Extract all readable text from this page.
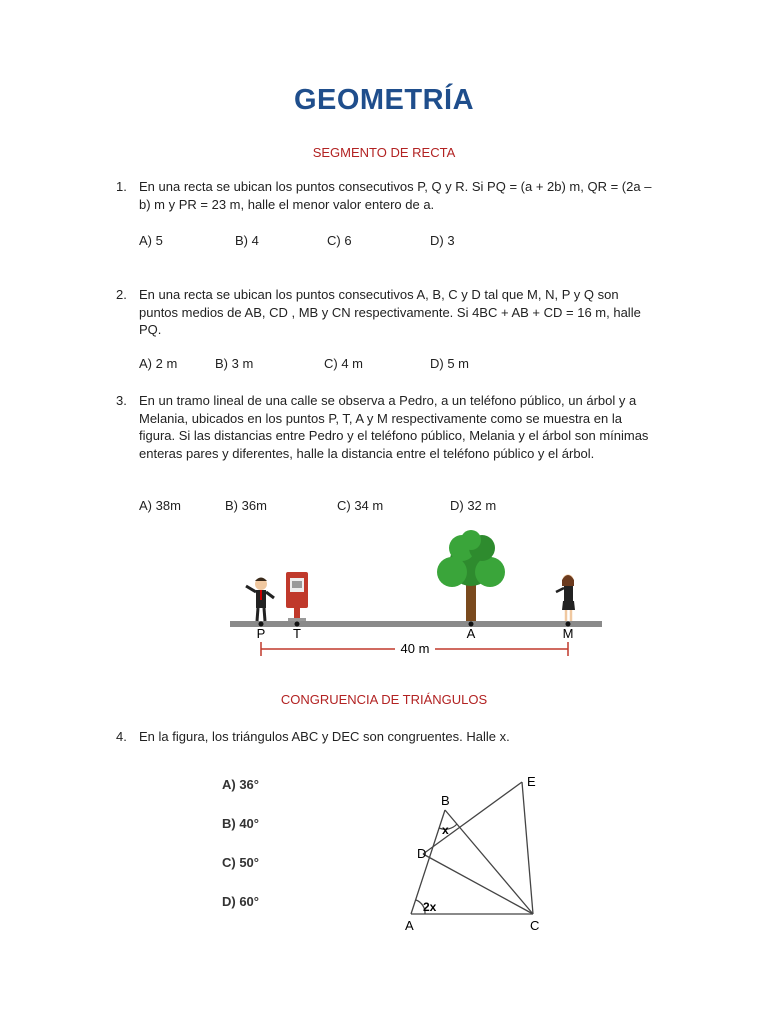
GEOMETRÍA
SEGMENTO DE RECTA
1. En una recta se ubican los puntos consecutivos P, Q y R. Si PQ = (a + 2b) m, QR = (2a – b) m y PR = 23 m, halle el menor valor entero de a.
A) 5	B) 4	C) 6	D) 3
2. En una recta se ubican los puntos consecutivos A, B, C y D tal que M, N, P y Q son puntos medios de AB, CD , MB y CN respectivamente. Si 4BC + AB + CD = 16 m, halle PQ.
A) 2 m	B) 3 m	C) 4 m	D) 5 m
3. En un tramo lineal de una calle se observa a Pedro, a un teléfono público, un árbol y a Melania, ubicados en los puntos P, T, A y M respectivamente como se muestra en la figura. Si las distancias entre Pedro y el teléfono público, Melania y el árbol son mínimas enteras pares y diferentes, halle la distancia entre el teléfono público y el árbol.
A) 38m	B) 36m	C) 34 m	D) 32 m
P T	A	M
40 m
CONGRUENCIA DE TRIÁNGULOS
4. En la figura, los triángulos ABC y DEC son congruentes. Halle x.
A) 36°
B) 40°
C) 50°
D) 60°
B
E
D
A	C
x
2x
